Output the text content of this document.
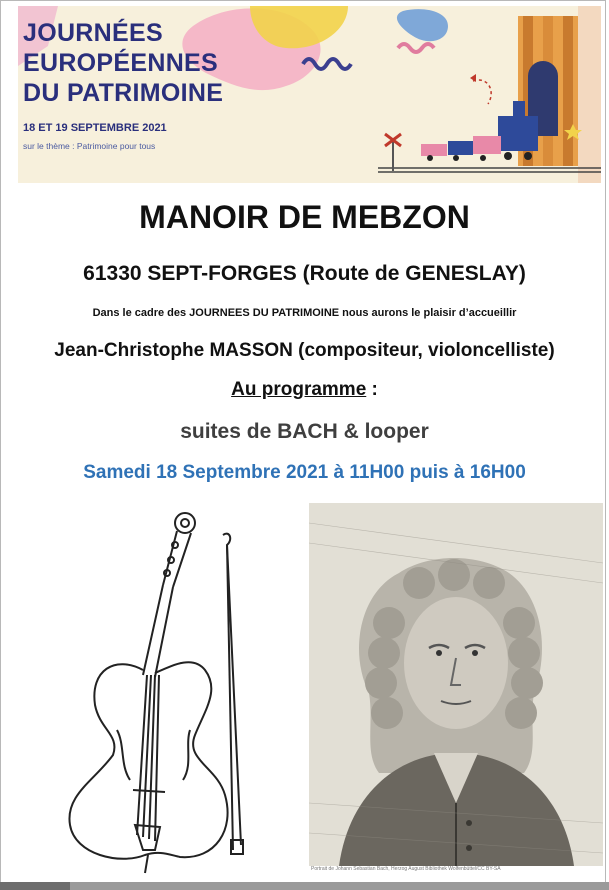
JOURNÉES
EUROPÉENNES
DU PATRIMOINE
18 ET 19 SEPTEMBRE 2021
sur le thème : Patrimoine pour tous
MANOIR DE MEBZON
61330 SEPT-FORGES (Route de GENESLAY)
Dans le cadre des JOURNEES DU PATRIMOINE nous aurons le plaisir d’accueillir
Jean-Christophe MASSON (compositeur, violoncelliste)
Au programme :
suites de BACH & looper
Samedi 18 Septembre 2021 à 11H00 puis à 16H00
Portrait de Johann Sebastian Bach, Herzog August Bibliothek Wolfenbüttel/CC BY-SA
